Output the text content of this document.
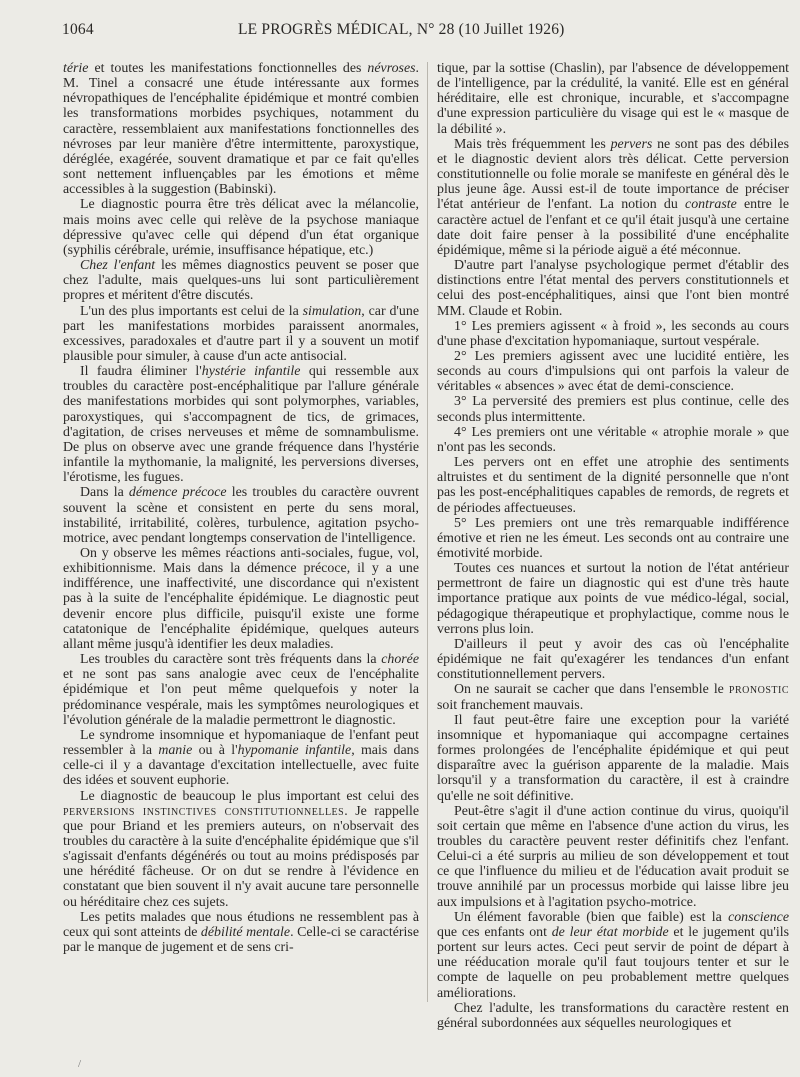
1064	LE PROGRÈS MÉDICAL, N° 28 (10 Juillet 1926)

térie et toutes les manifestations fonctionnelles des névroses. M. Tinel a consacré une étude intéressante aux formes névropathiques de l'encéphalite épidémique et montré combien les transformations morbides psychiques, notamment du caractère, ressemblaient aux manifestations fonctionnelles des névroses par leur manière d'être intermittente, paroxystique, déréglée, exagérée, souvent dramatique et par ce fait qu'elles sont nettement influençables par les émotions et même accessibles à la suggestion (Babinski).

Le diagnostic pourra être très délicat avec la mélancolie, mais moins avec celle qui relève de la psychose maniaque dépressive qu'avec celle qui dépend d'un état organique (syphilis cérébrale, urémie, insuffisance hépatique, etc.)

Chez l'enfant les mêmes diagnostics peuvent se poser que chez l'adulte, mais quelques-uns lui sont particulièrement propres et méritent d'être discutés.

L'un des plus importants est celui de la simulation, car d'une part les manifestations morbides paraissent anormales, excessives, paradoxales et d'autre part il y a souvent un motif plausible pour simuler, à cause d'un acte antisocial.

Il faudra éliminer l'hystérie infantile qui ressemble aux troubles du caractère post-encéphalitique par l'allure générale des manifestations morbides qui sont polymorphes, variables, paroxystiques, qui s'accompagnent de tics, de grimaces, d'agitation, de crises nerveuses et même de somnambulisme. De plus on observe avec une grande fréquence dans l'hystérie infantile la mythomanie, la malignité, les perversions diverses, l'érotisme, les fugues.

Dans la démence précoce les troubles du caractère ouvrent souvent la scène et consistent en perte du sens moral, instabilité, irritabilité, colères, turbulence, agitation psycho-motrice, avec pendant longtemps conservation de l'intelligence.

On y observe les mêmes réactions anti-sociales, fugue, vol, exhibitionnisme. Mais dans la démence précoce, il y a une indifférence, une inaffectivité, une discordance qui n'existent pas à la suite de l'encéphalite épidémique. Le diagnostic peut devenir encore plus difficile, puisqu'il existe une forme catatonique de l'encéphalite épidémique, quelques auteurs allant même jusqu'à identifier les deux maladies.

Les troubles du caractère sont très fréquents dans la chorée et ne sont pas sans analogie avec ceux de l'encéphalite épidémique et l'on peut même quelquefois y noter la prédominance vespérale, mais les symptômes neurologiques et l'évolution générale de la maladie permettront le diagnostic.

Le syndrome insomnique et hypomaniaque de l'enfant peut ressembler à la manie ou à l'hypomanie infantile, mais dans celle-ci il y a davantage d'excitation intellectuelle, avec fuite des idées et souvent euphorie.

Le diagnostic de beaucoup le plus important est celui des perversions instinctives constitutionnelles. Je rappelle que pour Briand et les premiers auteurs, on n'observait des troubles du caractère à la suite d'encéphalite épidémique que s'il s'agissait d'enfants dégénérés ou tout au moins prédisposés par une hérédité fâcheuse. Or on dut se rendre à l'évidence en constatant que bien souvent il n'y avait aucune tare personnelle ou héréditaire chez ces sujets.

Les petits malades que nous étudions ne ressemblent pas à ceux qui sont atteints de débilité mentale. Celle-ci se caractérise par le manque de jugement et de sens cri-

tique, par la sottise (Chaslin), par l'absence de développement de l'intelligence, par la crédulité, la vanité. Elle est en général héréditaire, elle est chronique, incurable, et s'accompagne d'une expression particulière du visage qui est le « masque de la débilité ».

Mais très fréquemment les pervers ne sont pas des débiles et le diagnostic devient alors très délicat. Cette perversion constitutionnelle ou folie morale se manifeste en général dès le plus jeune âge. Aussi est-il de toute importance de préciser l'état antérieur de l'enfant. La notion du contraste entre le caractère actuel de l'enfant et ce qu'il était jusqu'à une certaine date doit faire penser à la possibilité d'une encéphalite épidémique, même si la période aiguë a été méconnue.

D'autre part l'analyse psychologique permet d'établir des distinctions entre l'état mental des pervers constitutionnels et celui des post-encéphalitiques, ainsi que l'ont bien montré MM. Claude et Robin.

1° Les premiers agissent « à froid », les seconds au cours d'une phase d'excitation hypomaniaque, surtout vespérale.

2° Les premiers agissent avec une lucidité entière, les seconds au cours d'impulsions qui ont parfois la valeur de véritables « absences » avec état de demi-conscience.

3° La perversité des premiers est plus continue, celle des seconds plus intermittente.

4° Les premiers ont une véritable « atrophie morale » que n'ont pas les seconds.

Les pervers ont en effet une atrophie des sentiments altruistes et du sentiment de la dignité personnelle que n'ont pas les post-encéphalitiques capables de remords, de regrets et de périodes affectueuses.

5° Les premiers ont une très remarquable indifférence émotive et rien ne les émeut. Les seconds ont au contraire une émotivité morbide.

Toutes ces nuances et surtout la notion de l'état antérieur permettront de faire un diagnostic qui est d'une très haute importance pratique aux points de vue médico-légal, social, pédagogique thérapeutique et prophylactique, comme nous le verrons plus loin.

D'ailleurs il peut y avoir des cas où l'encéphalite épidémique ne fait qu'exagérer les tendances d'un enfant constitutionnellement pervers.

On ne saurait se cacher que dans l'ensemble le pronostic soit franchement mauvais.

Il faut peut-être faire une exception pour la variété insomnique et hypomaniaque qui accompagne certaines formes prolongées de l'encéphalite épidémique et qui peut disparaître avec la guérison apparente de la maladie. Mais lorsqu'il y a transformation du caractère, il est à craindre qu'elle ne soit définitive.

Peut-être s'agit il d'une action continue du virus, quoiqu'il soit certain que même en l'absence d'une action du virus, les troubles du caractère peuvent rester définitifs chez l'enfant. Celui-ci a été surpris au milieu de son développement et tout ce que l'influence du milieu et de l'éducation avait produit se trouve annihilé par un processus morbide qui laisse libre jeu aux impulsions et à l'agitation psycho-motrice.

Un élément favorable (bien que faible) est la conscience que ces enfants ont de leur état morbide et le jugement qu'ils portent sur leurs actes. Ceci peut servir de point de départ à une rééducation morale qu'il faut toujours tenter et sur le compte de laquelle on peu probablement mettre quelques améliorations.

Chez l'adulte, les transformations du caractère restent en général subordonnées aux séquelles neurologiques et

/
